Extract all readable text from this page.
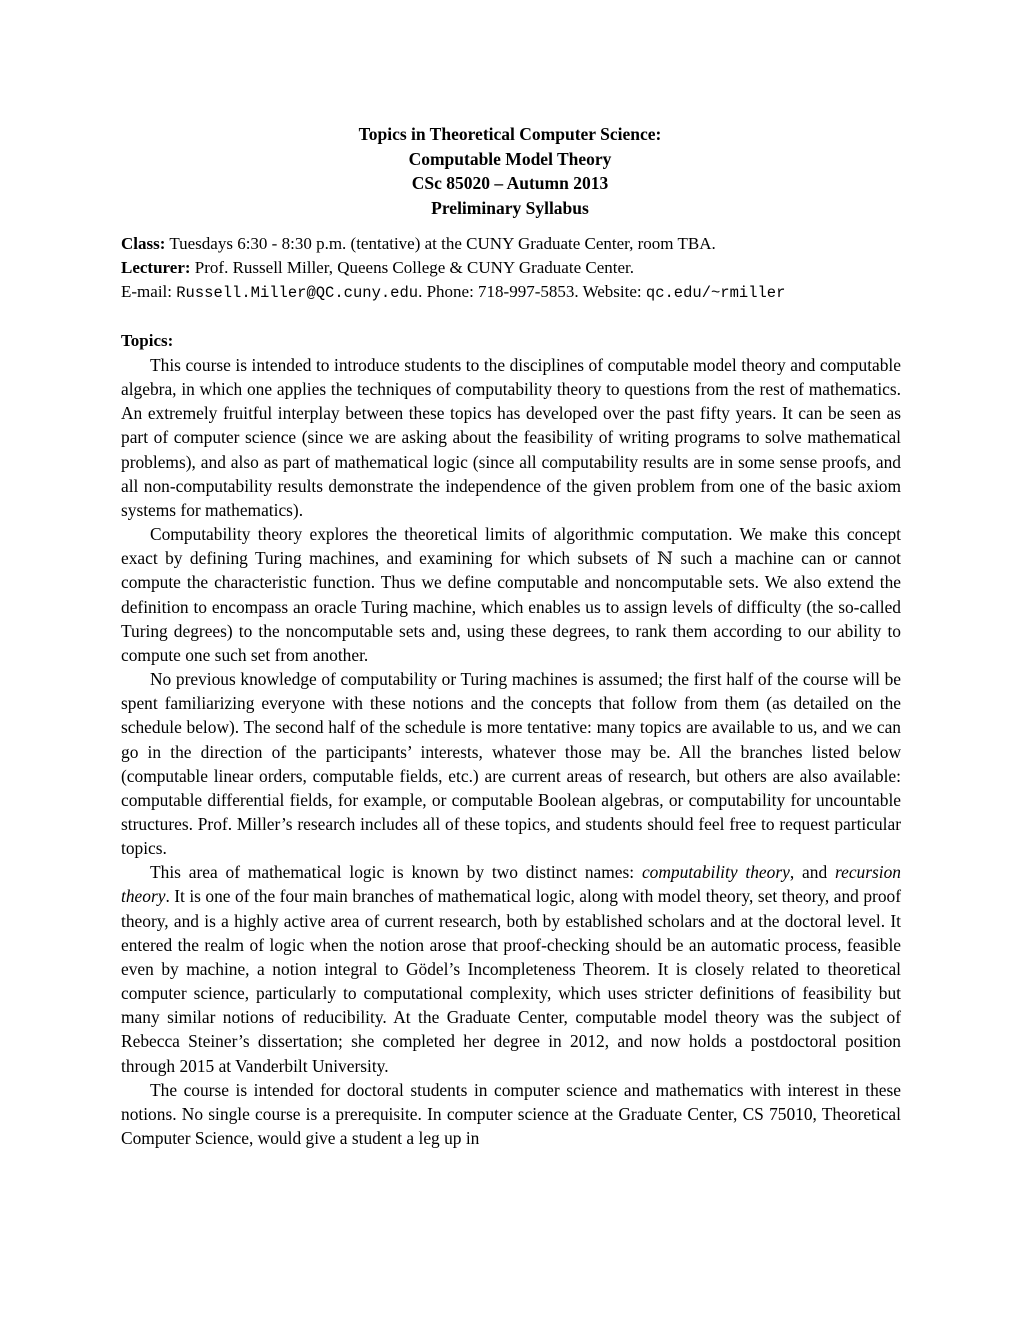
Topics in Theoretical Computer Science:
Computable Model Theory
CSc 85020 – Autumn 2013
Preliminary Syllabus
Class: Tuesdays 6:30 - 8:30 p.m. (tentative) at the CUNY Graduate Center, room TBA.
Lecturer: Prof. Russell Miller, Queens College & CUNY Graduate Center.
E-mail: Russell.Miller@QC.cuny.edu. Phone: 718-997-5853. Website: qc.edu/~rmiller
Topics:

This course is intended to introduce students to the disciplines of computable model theory and computable algebra, in which one applies the techniques of computability theory to questions from the rest of mathematics. An extremely fruitful interplay between these topics has developed over the past fifty years. It can be seen as part of computer science (since we are asking about the feasibility of writing programs to solve mathematical problems), and also as part of mathematical logic (since all computability results are in some sense proofs, and all non-computability results demonstrate the independence of the given problem from one of the basic axiom systems for mathematics).

Computability theory explores the theoretical limits of algorithmic computation. We make this concept exact by defining Turing machines, and examining for which subsets of ℕ such a machine can or cannot compute the characteristic function. Thus we define computable and noncomputable sets. We also extend the definition to encompass an oracle Turing machine, which enables us to assign levels of difficulty (the so-called Turing degrees) to the noncomputable sets and, using these degrees, to rank them according to our ability to compute one such set from another.

No previous knowledge of computability or Turing machines is assumed; the first half of the course will be spent familiarizing everyone with these notions and the concepts that follow from them (as detailed on the schedule below). The second half of the schedule is more tentative: many topics are available to us, and we can go in the direction of the participants’ interests, whatever those may be. All the branches listed below (computable linear orders, computable fields, etc.) are current areas of research, but others are also available: computable differential fields, for example, or computable Boolean algebras, or computability for uncountable structures. Prof. Miller’s research includes all of these topics, and students should feel free to request particular topics.

This area of mathematical logic is known by two distinct names: computability theory, and recursion theory. It is one of the four main branches of mathematical logic, along with model theory, set theory, and proof theory, and is a highly active area of current research, both by established scholars and at the doctoral level. It entered the realm of logic when the notion arose that proof-checking should be an automatic process, feasible even by machine, a notion integral to Gödel’s Incompleteness Theorem. It is closely related to theoretical computer science, particularly to computational complexity, which uses stricter definitions of feasibility but many similar notions of reducibility. At the Graduate Center, computable model theory was the subject of Rebecca Steiner’s dissertation; she completed her degree in 2012, and now holds a postdoctoral position through 2015 at Vanderbilt University.

The course is intended for doctoral students in computer science and mathematics with interest in these notions. No single course is a prerequisite. In computer science at the Graduate Center, CS 75010, Theoretical Computer Science, would give a student a leg up in
